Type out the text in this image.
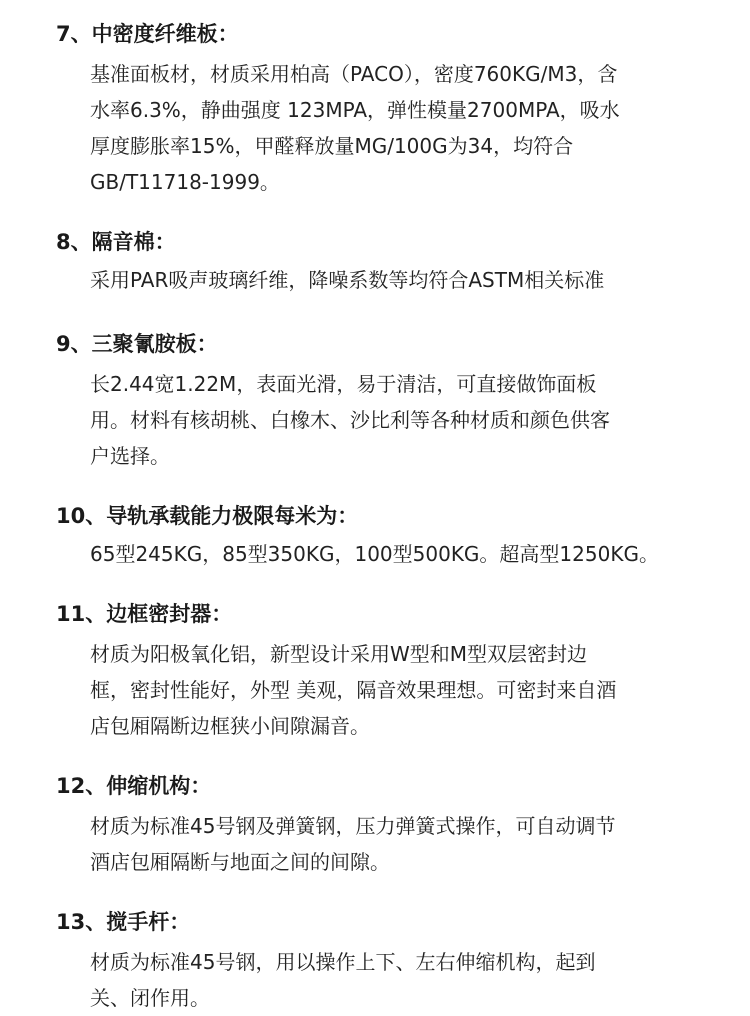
7、中密度纤维板：
基准面板材，材质采用柏高（PACO），密度760KG/M3，含
水率6.3%，静曲强度 123MPA，弹性模量2700MPA，吸水
厚度膨胀率15%，甲醛释放量MG/100G为34，均符合
GB/T11718-1999。
8、隔音棉：
采用PAR吸声玻璃纤维，降噪系数等均符合ASTM相关标准
9、三聚氰胺板：
长2.44宽1.22M，表面光滑，易于清洁，可直接做饰面板
用。材料有核胡桃、白橡木、沙比利等各种材质和颜色供客
户选择。
10、导轨承载能力极限每米为：
65型245KG，85型350KG，100型500KG。超高型1250KG。
11、边框密封器：
材质为阳极氧化铝，新型设计采用W型和M型双层密封边
框，密封性能好，外型 美观，隔音效果理想。可密封来自酒
店包厢隔断边框狭小间隙漏音。
12、伸缩机构：
材质为标准45号钢及弹簧钢，压力弹簧式操作，可自动调节
酒店包厢隔断与地面之间的间隙。
13、搅手杆：
材质为标准45号钢，用以操作上下、左右伸缩机构，起到
关、闭作用。
